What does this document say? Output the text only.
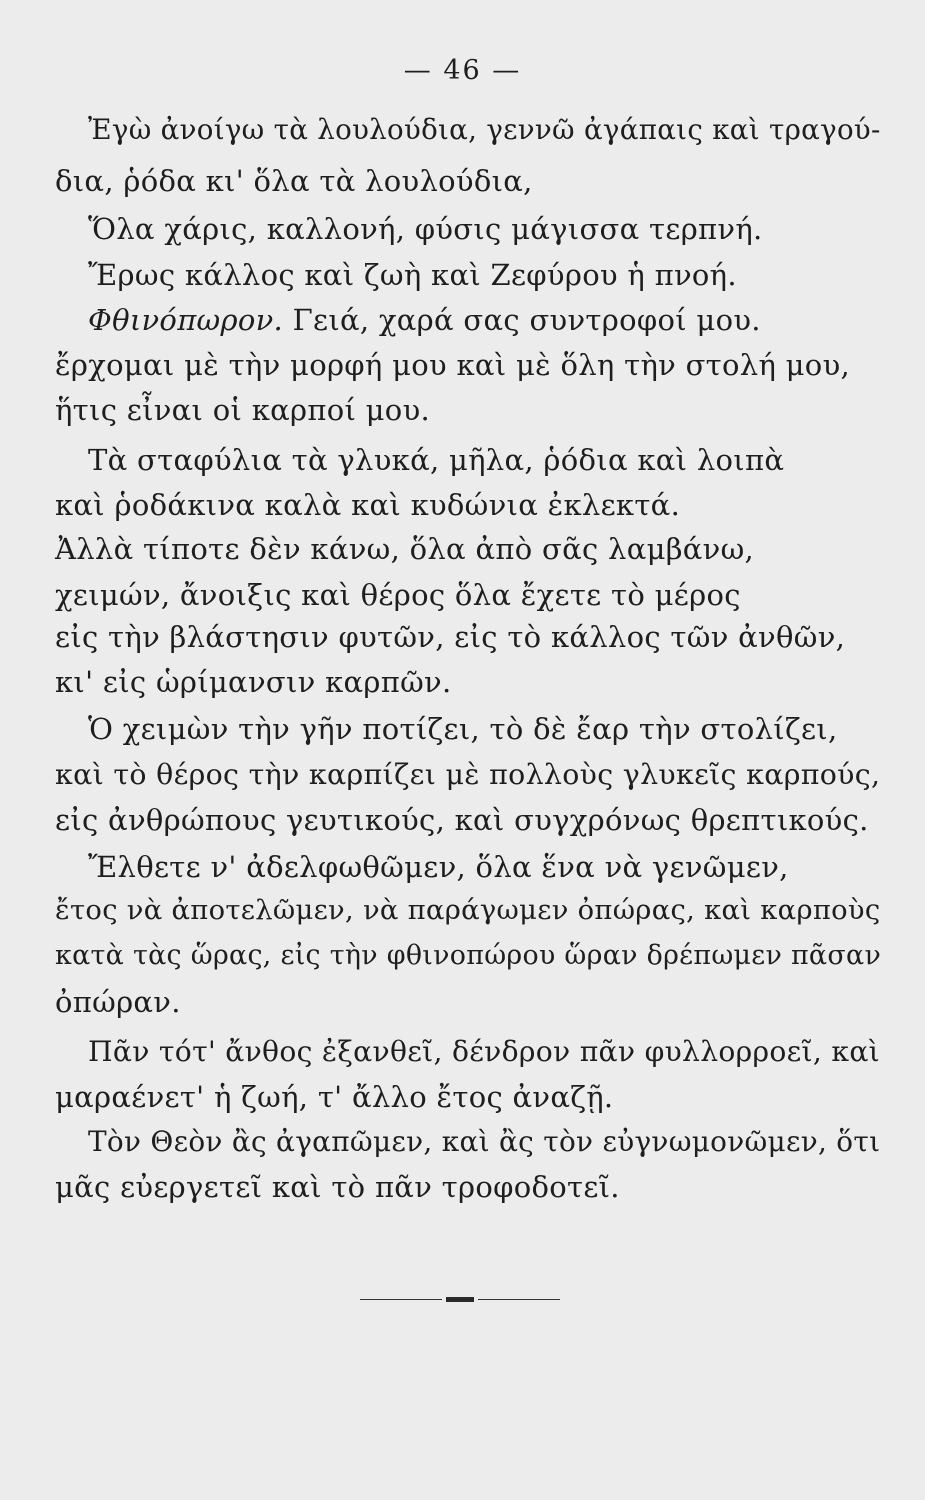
— 46 —
Ἐγὼ ἀνοίγω τὰ λουλούδια, γεννῶ ἀγάπαις καὶ τραγού-
δια, ῥόδα κι' ὅλα τὰ λουλούδια,
Ὅλα χάρις, καλλονή, φύσις μάγισσα τερπνή.
Ἔρως κάλλος καὶ ζωὴ καὶ Ζεφύρου ἡ πνοή.
Φθινόπωρον. Γειά, χαρά σας συντροφοί μου.
ἔρχομαι μὲ τὴν μορφή μου καὶ μὲ ὅλη τὴν στολή μου,
ἥτις εἶναι οἱ καρποί μου.
Τὰ σταφύλια τὰ γλυκά, μῆλα, ῥόδια καὶ λοιπὰ
καὶ ῥοδάκινα καλὰ καὶ κυδώνια ἐκλεκτά.
Ἀλλὰ τίποτε δὲν κάνω, ὅλα ἀπὸ σᾶς λαμβάνω,
χειμών, ἄνοιξις καὶ θέρος ὅλα ἔχετε τὸ μέρος
εἰς τὴν βλάστησιν φυτῶν, εἰς τὸ κάλλος τῶν ἀνθῶν,
κι' εἰς ὡρίμανσιν καρπῶν.
Ὁ χειμὼν τὴν γῆν ποτίζει, τὸ δὲ ἔαρ τὴν στολίζει,
καὶ τὸ θέρος τὴν καρπίζει μὲ πολλοὺς γλυκεῖς καρπούς,
εἰς ἀνθρώπους γευτικούς, καὶ συγχρόνως θρεπτικούς.
Ἔλθετε ν' ἀδελφωθῶμεν, ὅλα ἕνα νὰ γενῶμεν,
ἔτος νὰ ἀποτελῶμεν, νὰ παράγωμεν ὀπώρας, καὶ καρποὺς
κατὰ τὰς ὥρας, εἰς τὴν φθινοπώρου ὥραν δρέπωμεν πᾶσαν
ὀπώραν.
Πᾶν τότ' ἄνθος ἐξανθεῖ, δένδρον πᾶν φυλλορροεῖ, καὶ
μαραένετ' ἡ ζωή, τ' ἄλλο ἔτος ἀναζῇ.
Τὸν Θεὸν ἂς ἀγαπῶμεν, καὶ ἂς τὸν εὐγνωμονῶμεν, ὅτι
μᾶς εὐεργετεῖ καὶ τὸ πᾶν τροφοδοτεῖ.
